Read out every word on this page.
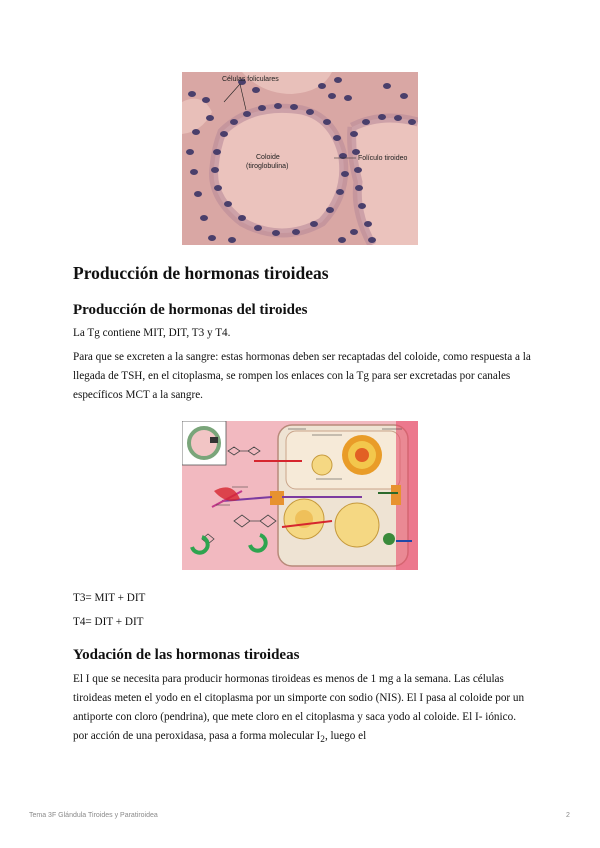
Células foliculares
Coloide
(tiroglobulina)
Folículo tiroideo
Producción de hormonas tiroideas
Producción de hormonas del tiroides

La Tg contiene MIT, DIT, T3 y T4.

Para que se excreten a la sangre: estas hormonas deben ser recaptadas del coloide, como respuesta a la llegada de TSH, en el citoplasma, se rompen los enlaces con la Tg para ser excretadas por canales específicos MCT a la sangre.

T3= MIT + DIT

T4= DIT + DIT

Yodación de las hormonas tiroideas

El I que se necesita para producir hormonas tiroideas es menos de 1 mg a la semana. Las células tiroideas meten el yodo en el citoplasma por un simporte con sodio (NIS). El I pasa al coloide por un antiporte con cloro (pendrina), que mete cloro en el citoplasma y saca yodo al coloide. El I- iónico. por acción de una peroxidasa, pasa a forma molecular $I_2$, luego el

Tema 3F Glándula Tiroides y Paratiroidea	2
